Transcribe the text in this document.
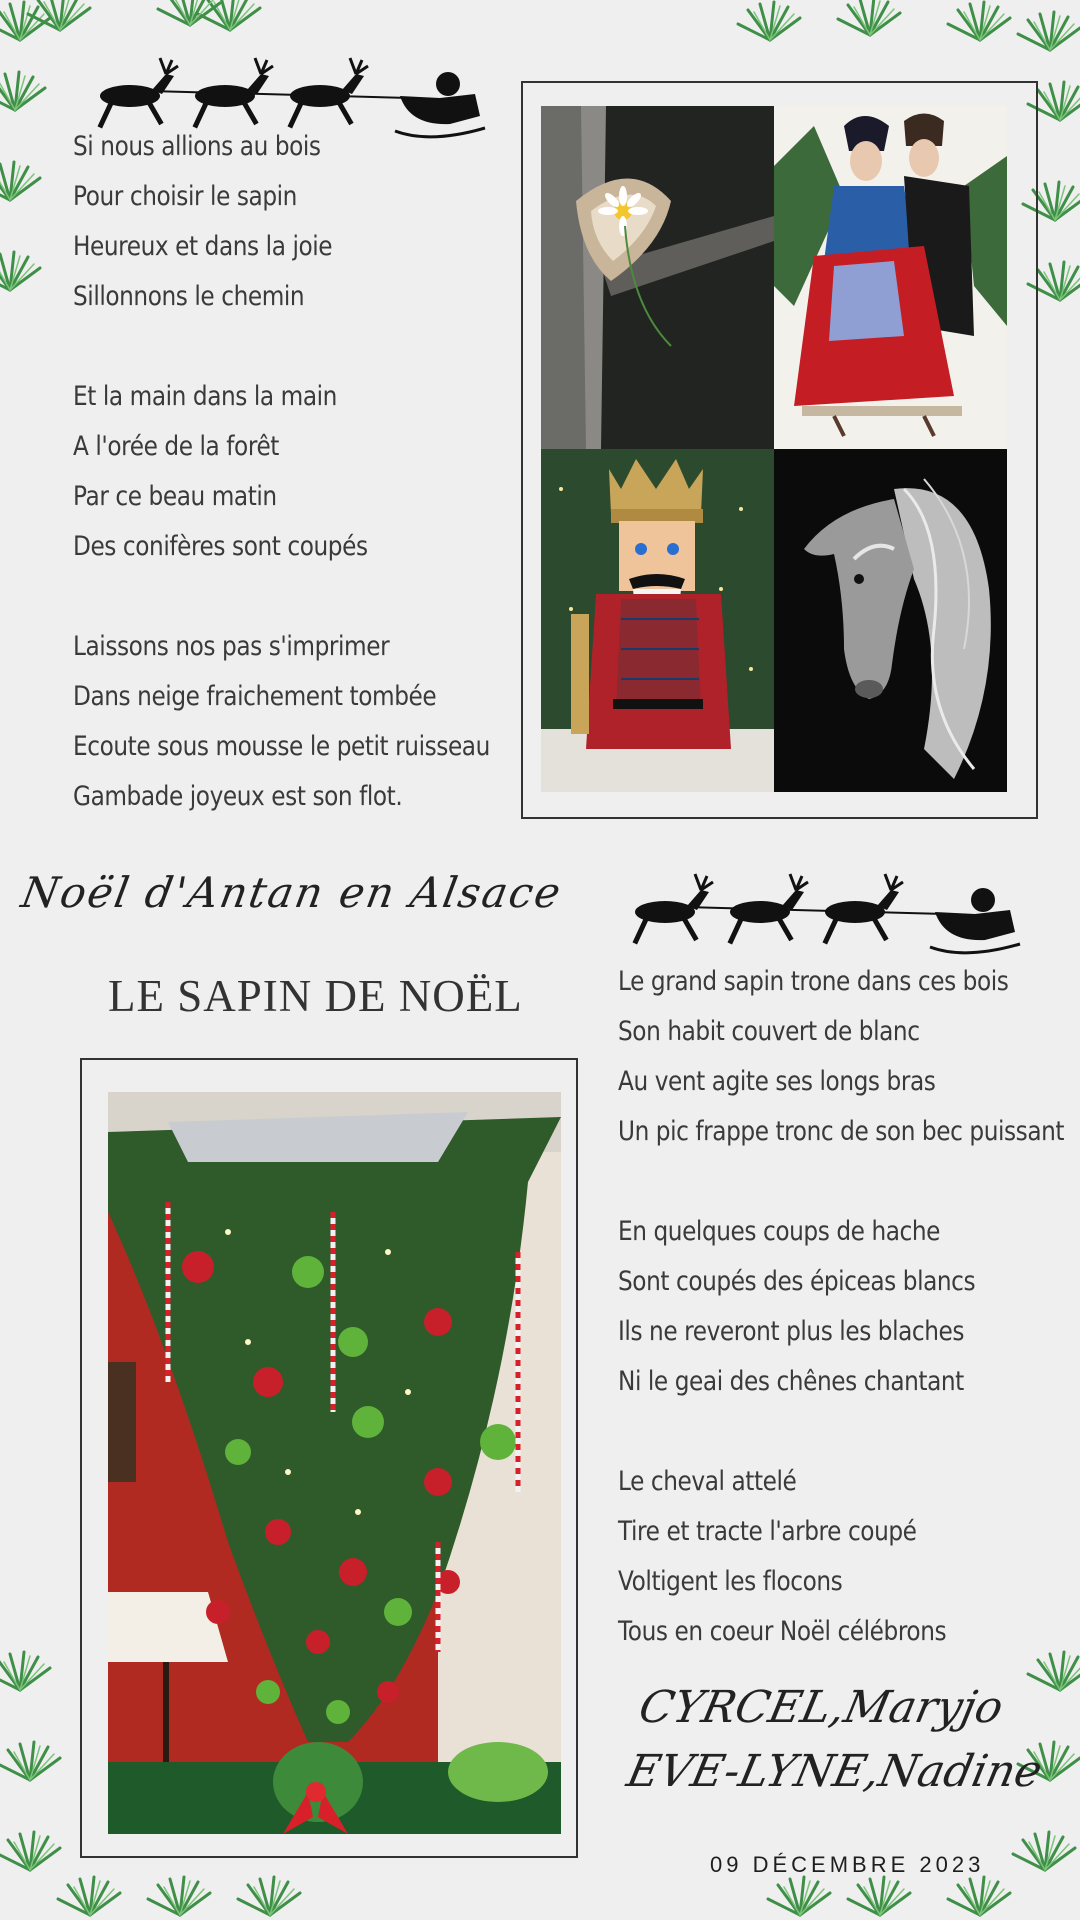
Si nous allions au bois
Pour choisir le sapin
Heureux et dans la joie
Sillonnons le chemin
Et la main dans la main
A l'orée de la forêt
Par ce beau matin
Des conifères sont coupés
Laissons nos pas s'imprimer
Dans neige fraichement tombée
Ecoute sous mousse le petit ruisseau
Gambade joyeux est son flot.
Noël d'Antan en Alsace
LE SAPIN DE NOËL	Le grand sapin trone dans ces bois
Son habit couvert de blanc
Au vent agite ses longs bras
Un pic frappe tronc de son bec puissant
En quelques coups de hache
Sont coupés des épiceas blancs
Ils ne reveront plus les blaches
Ni le geai des chênes chantant
Le cheval attelé
Tire et tracte l'arbre coupé
Voltigent les flocons
Tous en coeur Noël célébrons
CYRCEL,Maryjo
EVE-LYNE,Nadine
09 DÉCEMBRE 2023
